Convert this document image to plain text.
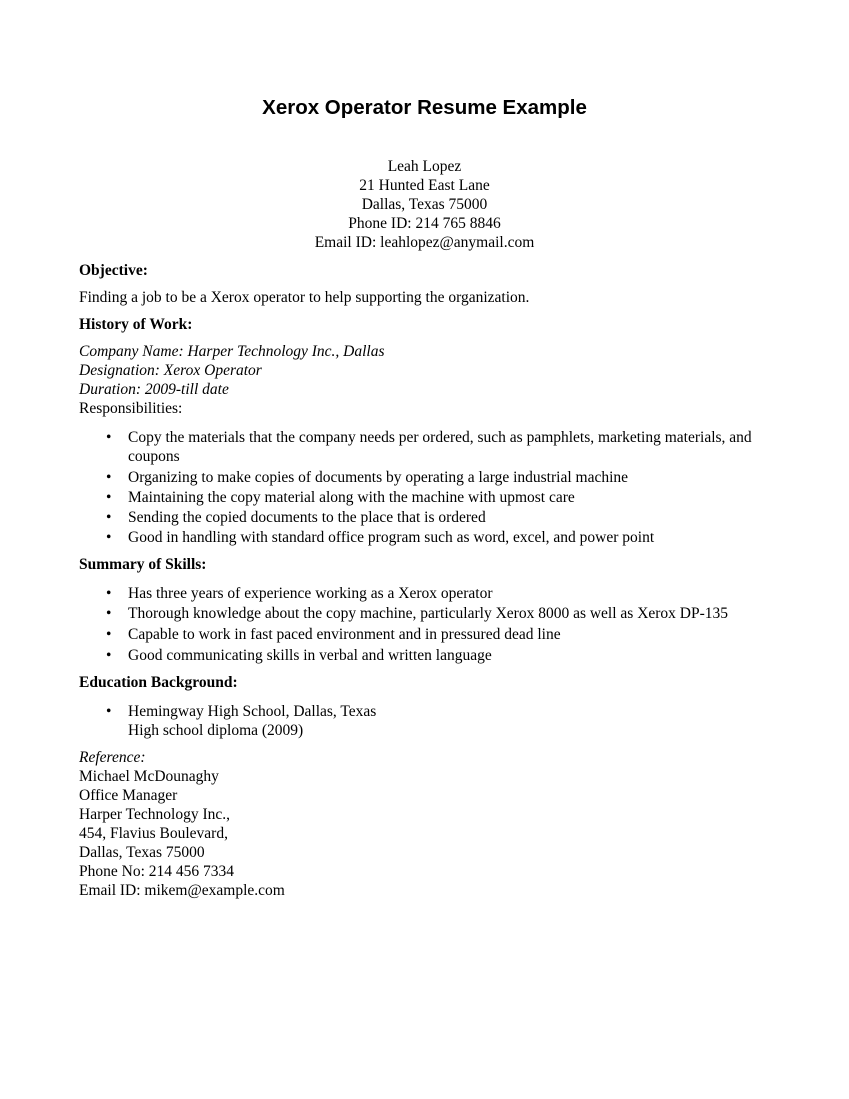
Xerox Operator Resume Example
Leah Lopez
21 Hunted East Lane
Dallas, Texas 75000
Phone ID: 214 765 8846
Email ID: leahlopez@anymail.com
Objective:

Finding a job to be a Xerox operator to help supporting the organization.

History of Work:
Company Name: Harper Technology Inc., Dallas
Designation: Xerox Operator
Duration: 2009-till date
Responsibilities:
• Copy the materials that the company needs per ordered, such as pamphlets, marketing materials, and coupons
• Organizing to make copies of documents by operating a large industrial machine
• Maintaining the copy material along with the machine with upmost care
• Sending the copied documents to the place that is ordered
• Good in handling with standard office program such as word, excel, and power point
Summary of Skills:
• Has three years of experience working as a Xerox operator
• Thorough knowledge about the copy machine, particularly Xerox 8000 as well as Xerox DP-135
• Capable to work in fast paced environment and in pressured dead line
• Good communicating skills in verbal and written language
Education Background:
• Hemingway High School, Dallas, Texas
High school diploma (2009)
Reference:
Michael McDounaghy
Office Manager
Harper Technology Inc.,
454, Flavius Boulevard,
Dallas, Texas 75000
Phone No: 214 456 7334
Email ID: mikem@example.com
